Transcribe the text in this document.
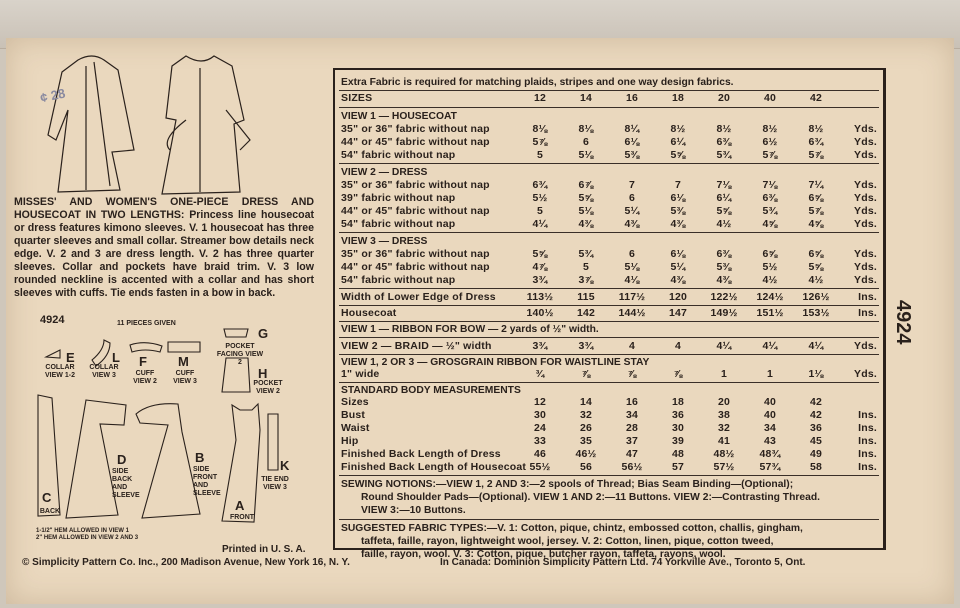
¢ 28
MISSES' AND WOMEN'S ONE-PIECE DRESS AND HOUSECOAT IN TWO LENGTHS: Princess line housecoat or dress features kimono sleeves. V. 1 housecoat has three quarter sleeves and small collar. Streamer bow details neck edge. V. 2 and 3 are dress length. V. 2 has three quarter sleeves. Collar and pockets have braid trim. V. 3 low rounded neckline is accented with a collar and has short sleeves with cuffs. Tie ends fasten in a bow in back.
4924	11 PIECES GIVEN
E
COLLAR VIEW 1-2
L
COLLAR VIEW 3
F
CUFF VIEW 2
M
CUFF VIEW 3
G
POCKET FACING VIEW 2
H
POCKET VIEW 2
C
BACK
D
SIDE BACK AND SLEEVE
B
SIDE FRONT AND SLEEVE
A
FRONT
K
TIE END VIEW 3
1-1/2" HEM ALLOWED IN VIEW 1
2" HEM ALLOWED IN VIEW 2 AND 3
Printed in U. S. A.
© Simplicity Pattern Co. Inc., 200 Madison Avenue, New York 16, N. Y.	In Canada: Dominion Simplicity Pattern Ltd. 74 Yorkville Ave., Toronto 5, Ont.
4924
Extra Fabric is required for matching plaids, stripes and one way design fabrics.
SIZES	12	14	16	18	20	40	42
VIEW 1 — HOUSECOAT
35" or 36" fabric without nap	8⅛	8⅛	8¼	8½	8½	8½	8½	Yds.
44" or 45" fabric without nap	5⅞	6	6⅛	6¼	6⅜	6½	6¾	Yds.
54" fabric without nap	5	5⅛	5⅜	5⅝	5¾	5⅞	5⅞	Yds.
VIEW 2 — DRESS
35" or 36" fabric without nap	6¾	6⅞	7	7	7⅛	7⅛	7¼	Yds.
39" fabric without nap	5½	5⅝	6	6⅛	6¼	6⅜	6⅝	Yds.
44" or 45" fabric without nap	5	5⅛	5¼	5⅜	5⅝	5¾	5⅞	Yds.
54" fabric without nap	4¼	4⅜	4⅜	4⅜	4½	4⅝	4⅝	Yds.
VIEW 3 — DRESS
35" or 36" fabric without nap	5⅝	5¾	6	6⅛	6⅜	6⅝	6⅝	Yds.
44" or 45" fabric without nap	4⅞	5	5⅛	5¼	5⅜	5½	5⅝	Yds.
54" fabric without nap	3¾	3⅞	4⅛	4⅜	4⅜	4½	4½	Yds.
Width of Lower Edge of Dress	113½	115	117½	120	122½	124½	126½	Ins.
Housecoat	140½	142	144½	147	149½	151½	153½	Ins.
VIEW 1 — RIBBON FOR BOW — 2 yards of ½" width.
VIEW 2 — BRAID — ½" width	3¾	3¾	4	4	4¼	4¼	4¼	Yds.
VIEW 1, 2 OR 3 — GROSGRAIN RIBBON FOR WAISTLINE STAY
1" wide	¾	⅞	⅞	⅞	1	1	1⅛	Yds.
STANDARD BODY MEASUREMENTS
Sizes	12	14	16	18	20	40	42
Bust	30	32	34	36	38	40	42	Ins.
Waist	24	26	28	30	32	34	36	Ins.
Hip	33	35	37	39	41	43	45	Ins.
Finished Back Length of Dress	46	46½	47	48	48½	48¾	49	Ins.
Finished Back Length of Housecoat 55½	56	56½	57	57½	57¾	58	Ins.
SEWING NOTIONS:—VIEW 1, 2 AND 3:—2 spools of Thread; Bias Seam Binding—(Optional);
Round Shoulder Pads—(Optional). VIEW 1 AND 2:—11 Buttons. VIEW 2:—Contrasting Thread.
VIEW 3:—10 Buttons.
SUGGESTED FABRIC TYPES:—V. 1: Cotton, pique, chintz, embossed cotton, challis, gingham,
taffeta, faille, rayon, lightweight wool, jersey. V. 2: Cotton, linen, pique, cotton tweed,
faille, rayon, wool. V. 3: Cotton, pique, butcher rayon, taffeta, rayons, wool.
